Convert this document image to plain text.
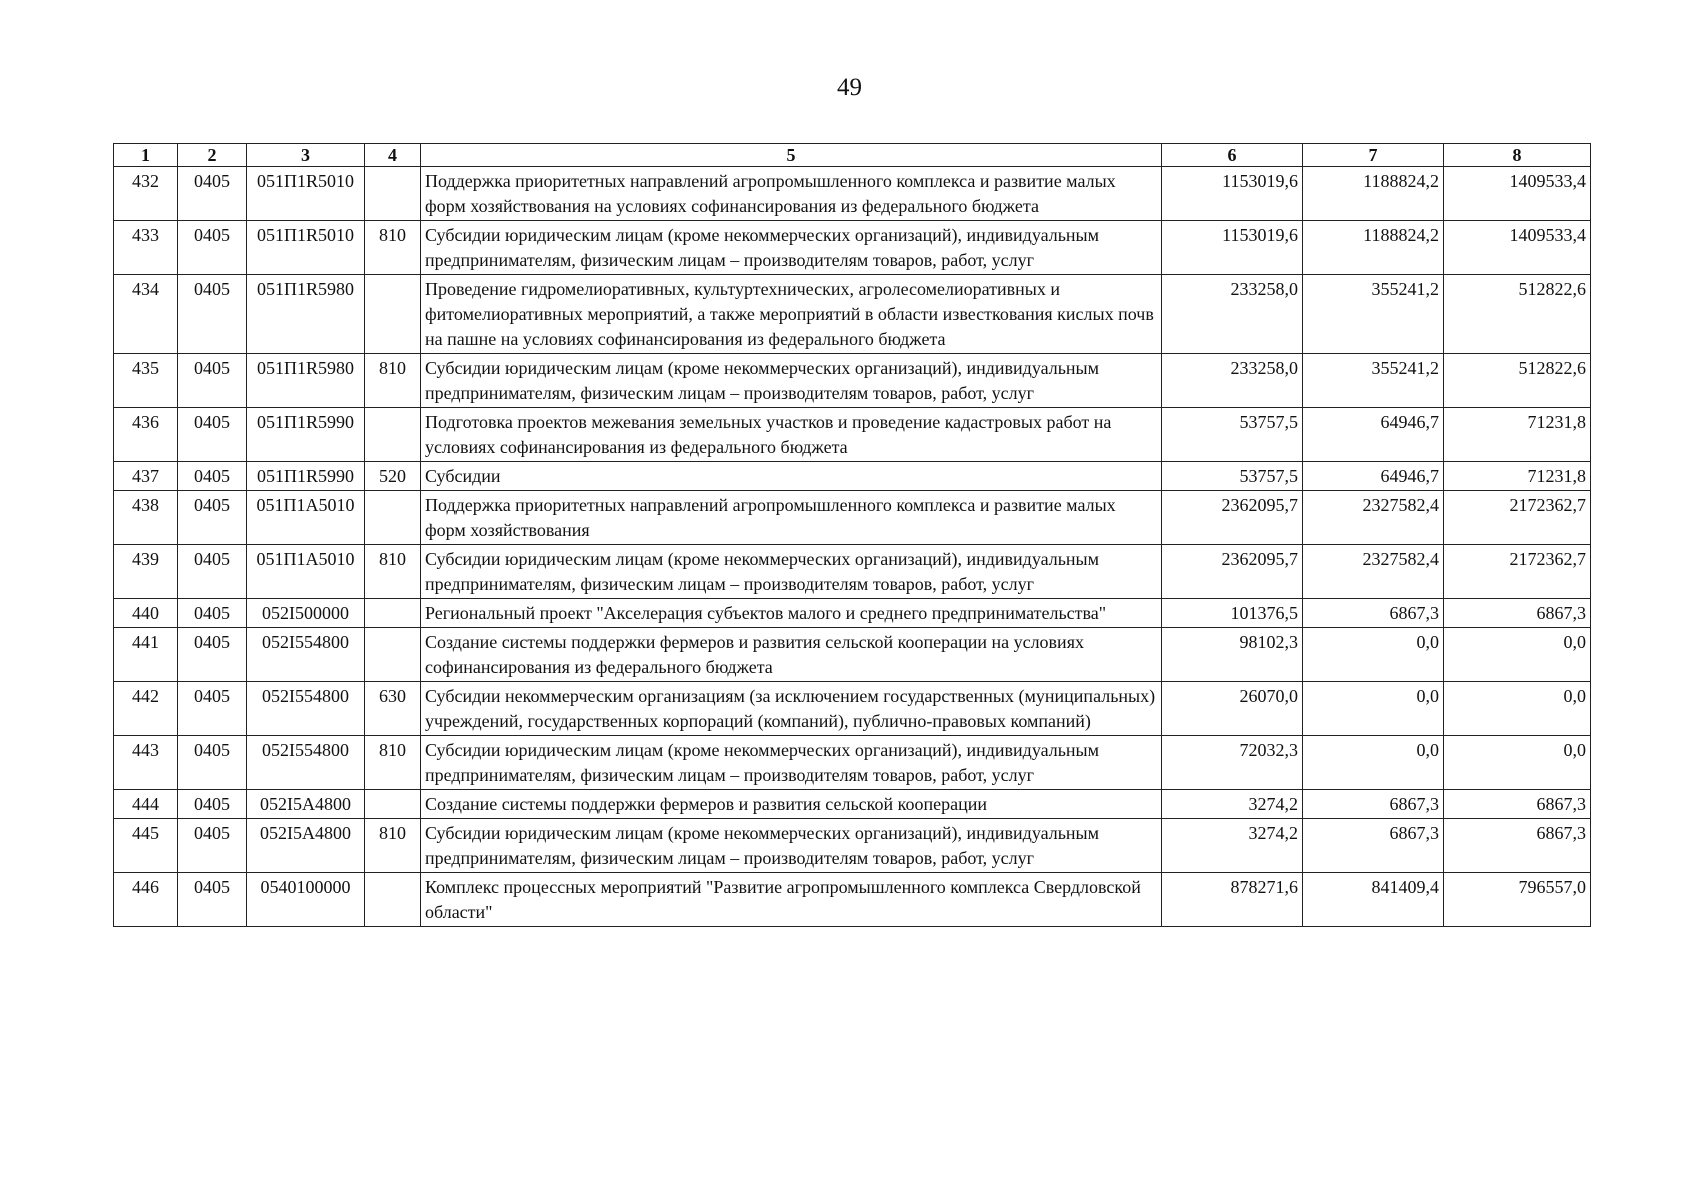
49
1	2	3	4	5	6	7	8
432	0405	051П1R5010		Поддержка приоритетных направлений агропромышленного комплекса и развитие малых форм хозяйствования на условиях софинансирования из федерального бюджета	1153019,6	1188824,2	1409533,4
433	0405	051П1R5010	810	Субсидии юридическим лицам (кроме некоммерческих организаций), индивидуальным предпринимателям, физическим лицам – производителям товаров, работ, услуг	1153019,6	1188824,2	1409533,4
434	0405	051П1R5980		Проведение гидромелиоративных, культуртехнических, агролесомелиоративных и фитомелиоративных мероприятий, а также мероприятий в области известкования кислых почв на пашне на условиях софинансирования из федерального бюджета	233258,0	355241,2	512822,6
435	0405	051П1R5980	810	Субсидии юридическим лицам (кроме некоммерческих организаций), индивидуальным предпринимателям, физическим лицам – производителям товаров, работ, услуг	233258,0	355241,2	512822,6
436	0405	051П1R5990		Подготовка проектов межевания земельных участков и проведение кадастровых работ на условиях софинансирования из федерального бюджета	53757,5	64946,7	71231,8
437	0405	051П1R5990	520	Субсидии	53757,5	64946,7	71231,8
438	0405	051П1А5010		Поддержка приоритетных направлений агропромышленного комплекса и развитие малых форм хозяйствования	2362095,7	2327582,4	2172362,7
439	0405	051П1А5010	810	Субсидии юридическим лицам (кроме некоммерческих организаций), индивидуальным предпринимателям, физическим лицам – производителям товаров, работ, услуг	2362095,7	2327582,4	2172362,7
440	0405	052I500000		Региональный проект "Акселерация субъектов малого и среднего предпринимательства"	101376,5	6867,3	6867,3
441	0405	052I554800		Создание системы поддержки фермеров и развития сельской кооперации на условиях софинансирования из федерального бюджета	98102,3	0,0	0,0
442	0405	052I554800	630	Субсидии некоммерческим организациям (за исключением государственных (муниципальных) учреждений, государственных корпораций (компаний), публично-правовых компаний)	26070,0	0,0	0,0
443	0405	052I554800	810	Субсидии юридическим лицам (кроме некоммерческих организаций), индивидуальным предпринимателям, физическим лицам – производителям товаров, работ, услуг	72032,3	0,0	0,0
444	0405	052I5A4800		Создание системы поддержки фермеров и развития сельской кооперации	3274,2	6867,3	6867,3
445	0405	052I5A4800	810	Субсидии юридическим лицам (кроме некоммерческих организаций), индивидуальным предпринимателям, физическим лицам – производителям товаров, работ, услуг	3274,2	6867,3	6867,3
446	0405	0540100000		Комплекс процессных мероприятий "Развитие агропромышленного комплекса Свердловской области"	878271,6	841409,4	796557,0
